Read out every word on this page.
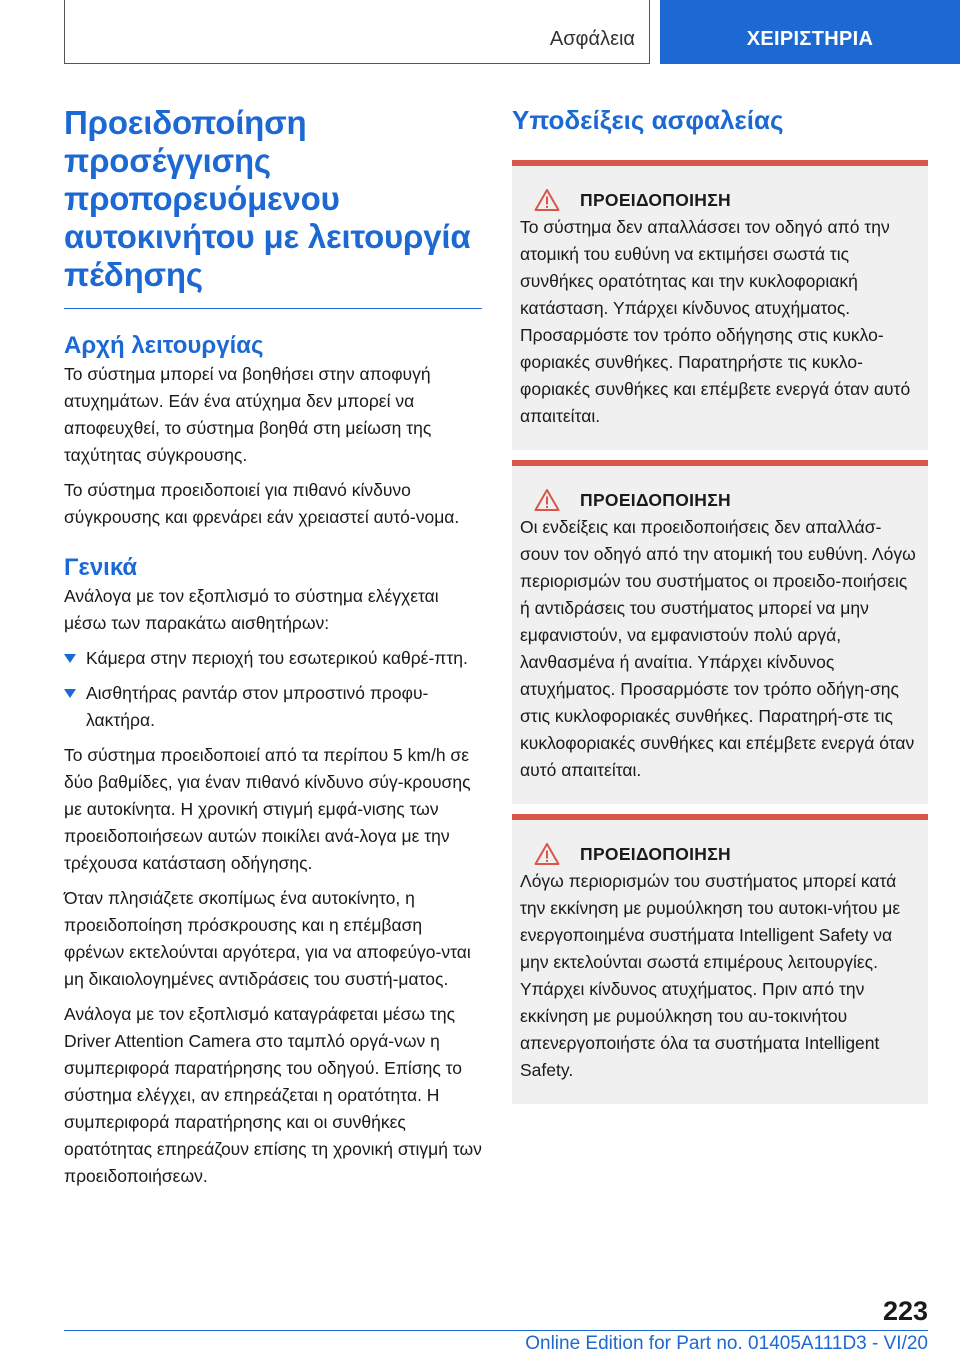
Ασφάλεια	ΧΕΙΡΙΣΤΗΡΙΑ
Προειδοποίηση προσέγγισης προπορευόμενου αυτοκινήτου με λειτουργία πέδησης
Αρχή λειτουργίας

Το σύστημα μπορεί να βοηθήσει στην αποφυγή ατυχημάτων. Εάν ένα ατύχημα δεν μπορεί να αποφευχθεί, το σύστημα βοηθά στη μείωση της ταχύτητας σύγκρουσης.

Το σύστημα προειδοποιεί για πιθανό κίνδυνο σύγκρουσης και φρενάρει εάν χρειαστεί αυτό-νομα.

Γενικά

Ανάλογα με τον εξοπλισμό το σύστημα ελέγχεται μέσω των παρακάτω αισθητήρων:

Κάμερα στην περιοχή του εσωτερικού καθρέ-πτη.
Αισθητήρας ραντάρ στον μπροστινό προφυ-λακτήρα.

Το σύστημα προειδοποιεί από τα περίπου 5 km/h σε δύο βαθμίδες, για έναν πιθανό κίνδυνο σύγ-κρουσης με αυτοκίνητα. Η χρονική στιγμή εμφά-νισης των προειδοποιήσεων αυτών ποικίλει ανά-λογα με την τρέχουσα κατάσταση οδήγησης.

Όταν πλησιάζετε σκοπίμως ένα αυτοκίνητο, η προειδοποίηση πρόσκρουσης και η επέμβαση φρένων εκτελούνται αργότερα, για να αποφεύγο-νται μη δικαιολογημένες αντιδράσεις του συστή-ματος.

Ανάλογα με τον εξοπλισμό καταγράφεται μέσω της Driver Attention Camera στο ταμπλό οργά-νων η συμπεριφορά παρατήρησης του οδηγού. Επίσης το σύστημα ελέγχει, αν επηρεάζεται η ορατότητα. Η συμπεριφορά παρατήρησης και οι συνθήκες ορατότητας επηρεάζουν επίσης τη χρονική στιγμή των προειδοποιήσεων.

Υποδείξεις ασφαλείας
ΠΡΟΕΙΔΟΠΟΙΗΣΗ

Το σύστημα δεν απαλλάσσει τον οδηγό από την ατομική του ευθύνη να εκτιμήσει σωστά τις συνθήκες ορατότητας και την κυκλοφοριακή κατάσταση. Υπάρχει κίνδυνος ατυχήματος. Προσαρμόστε τον τρόπο οδήγησης στις κυκλο-φοριακές συνθήκες. Παρατηρήστε τις κυκλο-φοριακές συνθήκες και επέμβετε ενεργά όταν αυτό απαιτείται.

ΠΡΟΕΙΔΟΠΟΙΗΣΗ

Οι ενδείξεις και προειδοποιήσεις δεν απαλλάσ-σουν τον οδηγό από την ατομική του ευθύνη. Λόγω περιορισμών του συστήματος οι προειδο-ποιήσεις ή αντιδράσεις του συστήματος μπορεί να μην εμφανιστούν, να εμφανιστούν πολύ αργά, λανθασμένα ή αναίτια. Υπάρχει κίνδυνος ατυχήματος. Προσαρμόστε τον τρόπο οδήγη-σης στις κυκλοφοριακές συνθήκες. Παρατηρή-στε τις κυκλοφοριακές συνθήκες και επέμβετε ενεργά όταν αυτό απαιτείται.

ΠΡΟΕΙΔΟΠΟΙΗΣΗ

Λόγω περιορισμών του συστήματος μπορεί κατά την εκκίνηση με ρυμούλκηση του αυτοκι-νήτου με ενεργοποιημένα συστήματα Intelligent Safety να μην εκτελούνται σωστά επιμέρους λειτουργίες. Υπάρχει κίνδυνος ατυχήματος. Πριν από την εκκίνηση με ρυμούλκηση του αυ-τοκινήτου απενεργοποιήστε όλα τα συστήματα Intelligent Safety.

223
Online Edition for Part no. 01405A111D3 - VI/20
